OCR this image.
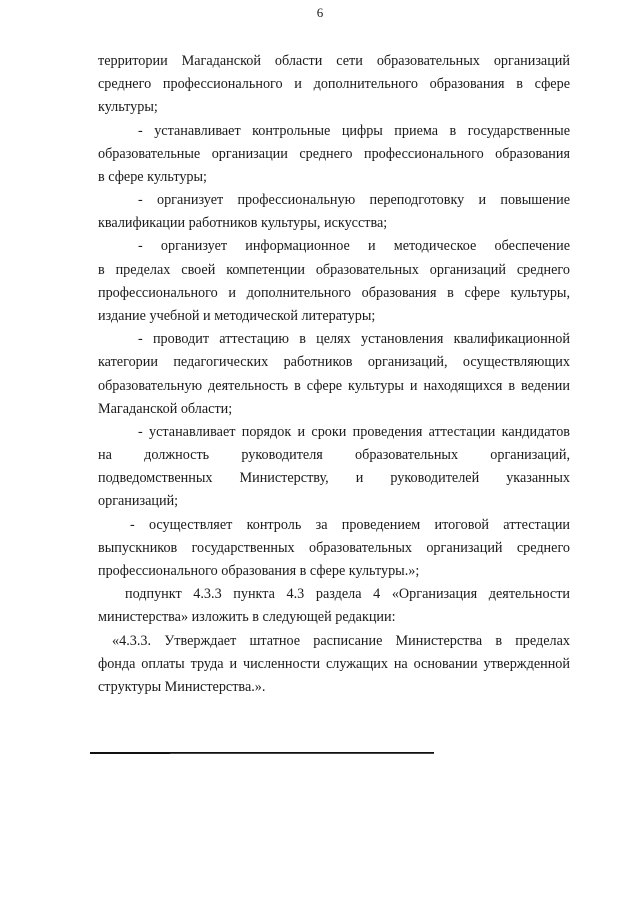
6
территории Магаданской области сети образовательных организаций
среднего профессионального и дополнительного образования в сфере
культуры;
- устанавливает контрольные цифры приема в государственные
образовательные организации среднего профессионального образования
в сфере культуры;
- организует профессиональную переподготовку и повышение
квалификации работников культуры, искусства;
- организует информационное и методическое обеспечение
в пределах своей компетенции образовательных организаций среднего
профессионального и дополнительного образования в сфере культуры,
издание учебной и методической литературы;
- проводит аттестацию в целях установления квалификационной
категории педагогических работников организаций, осуществляющих
образовательную деятельность в сфере культуры и находящихся в ведении
Магаданской области;
- устанавливает порядок и сроки проведения аттестации кандидатов
на должность руководителя образовательных организаций,
подведомственных Министерству, и руководителей указанных
организаций;
- осуществляет контроль за проведением итоговой аттестации
выпускников государственных образовательных организаций среднего
профессионального образования в сфере культуры.»;
подпункт 4.3.3 пункта 4.3 раздела 4 «Организация деятельности
министерства» изложить в следующей редакции:
«4.3.3. Утверждает штатное расписание Министерства в пределах
фонда оплаты труда и численности служащих на основании утвержденной
структуры Министерства.».
